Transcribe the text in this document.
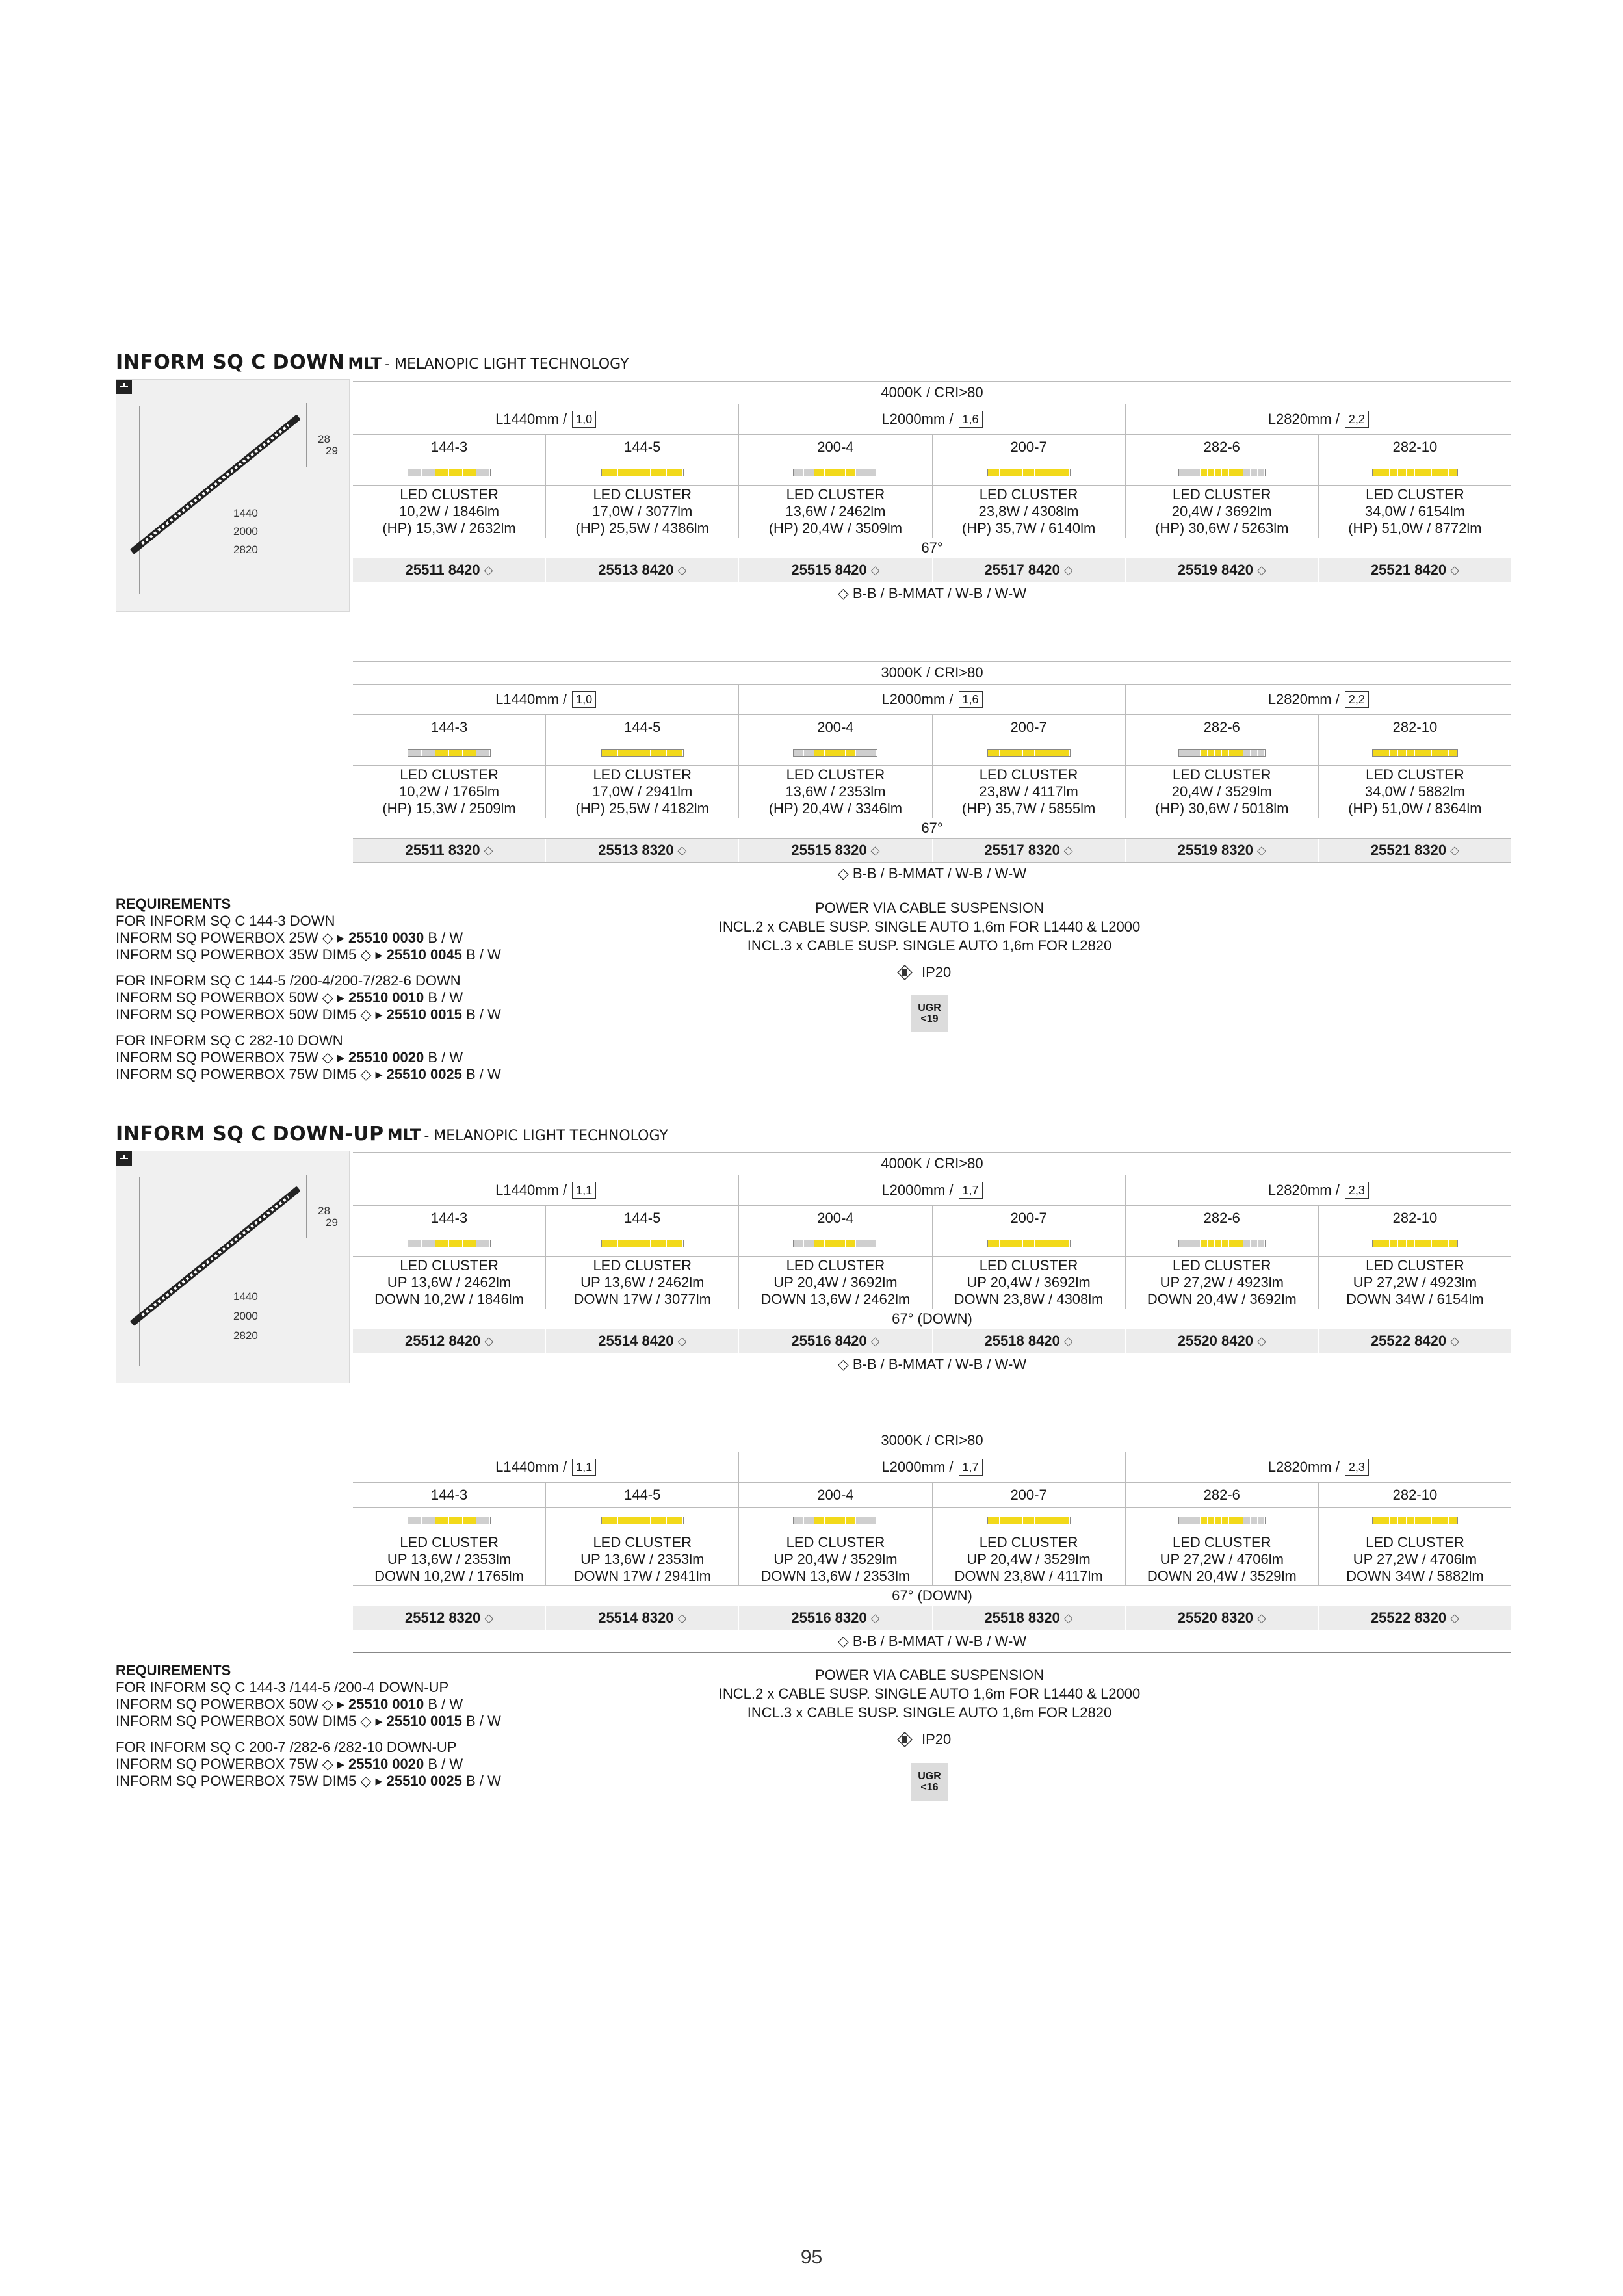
INFORM SQ C DOWN MLT - MELANOPIC LIGHT TECHNOLOGY
28
29
1440
2000
2820
4000K / CRI>80
L1440mm / 1,0	L2000mm / 1,6	L2820mm / 2,2
144-3	144-5	200-4	200-7	282-6	282-10
LED CLUSTER
10,2W / 1846lm
(HP) 15,3W / 2632lm
LED CLUSTER
17,0W / 3077lm
(HP) 25,5W / 4386lm
LED CLUSTER
13,6W / 2462lm
(HP) 20,4W / 3509lm
LED CLUSTER
23,8W / 4308lm
(HP) 35,7W / 6140lm
LED CLUSTER
20,4W / 3692lm
(HP) 30,6W / 5263lm
LED CLUSTER
34,0W / 6154lm
(HP) 51,0W / 8772lm
67°
25511 8420 ◇	25513 8420 ◇	25515 8420 ◇	25517 8420 ◇	25519 8420 ◇	25521 8420 ◇
◇ B-B / B-MMAT / W-B / W-W
3000K / CRI>80
L1440mm / 1,0	L2000mm / 1,6	L2820mm / 2,2
144-3	144-5	200-4	200-7	282-6	282-10
LED CLUSTER
10,2W / 1765lm
(HP) 15,3W / 2509lm
LED CLUSTER
17,0W / 2941lm
(HP) 25,5W / 4182lm
LED CLUSTER
13,6W / 2353lm
(HP) 20,4W / 3346lm
LED CLUSTER
23,8W / 4117lm
(HP) 35,7W / 5855lm
LED CLUSTER
20,4W / 3529lm
(HP) 30,6W / 5018lm
LED CLUSTER
34,0W / 5882lm
(HP) 51,0W / 8364lm
67°
25511 8320 ◇	25513 8320 ◇	25515 8320 ◇	25517 8320 ◇	25519 8320 ◇	25521 8320 ◇
◇ B-B / B-MMAT / W-B / W-W
REQUIREMENTS
FOR INFORM SQ C 144-3 DOWN
INFORM SQ POWERBOX 25W ◇ ▸ 25510 0030 B / W
INFORM SQ POWERBOX 35W DIM5 ◇ ▸ 25510 0045 B / W
FOR INFORM SQ C 144-5 /200-4/200-7/282-6 DOWN
INFORM SQ POWERBOX 50W ◇ ▸ 25510 0010 B / W
INFORM SQ POWERBOX 50W DIM5 ◇ ▸ 25510 0015 B / W
FOR INFORM SQ C 282-10 DOWN
INFORM SQ POWERBOX 75W ◇ ▸ 25510 0020 B / W
INFORM SQ POWERBOX 75W DIM5 ◇ ▸ 25510 0025 B / W
POWER VIA CABLE SUSPENSION
INCL.2 x CABLE SUSP. SINGLE AUTO 1,6m FOR L1440 & L2000
INCL.3 x CABLE SUSP. SINGLE AUTO 1,6m FOR L2820
IP20
UGR
<19
INFORM SQ C DOWN-UP MLT - MELANOPIC LIGHT TECHNOLOGY
28
29
1440
2000
2820
4000K / CRI>80
L1440mm / 1,1	L2000mm / 1,7	L2820mm / 2,3
144-3	144-5	200-4	200-7	282-6	282-10
LED CLUSTER
UP 13,6W / 2462lm
DOWN 10,2W / 1846lm
LED CLUSTER
UP 13,6W / 2462lm
DOWN 17W / 3077lm
LED CLUSTER
UP 20,4W / 3692lm
DOWN 13,6W / 2462lm
LED CLUSTER
UP 20,4W / 3692lm
DOWN 23,8W / 4308lm
LED CLUSTER
UP 27,2W / 4923lm
DOWN 20,4W / 3692lm
LED CLUSTER
UP 27,2W / 4923lm
DOWN 34W / 6154lm
67° (DOWN)
25512 8420 ◇	25514 8420 ◇	25516 8420 ◇	25518 8420 ◇	25520 8420 ◇	25522 8420 ◇
◇ B-B / B-MMAT / W-B / W-W
3000K / CRI>80
L1440mm / 1,1	L2000mm / 1,7	L2820mm / 2,3
144-3	144-5	200-4	200-7	282-6	282-10
LED CLUSTER
UP 13,6W / 2353lm
DOWN 10,2W / 1765lm
LED CLUSTER
UP 13,6W / 2353lm
DOWN 17W / 2941lm
LED CLUSTER
UP 20,4W / 3529lm
DOWN 13,6W / 2353lm
LED CLUSTER
UP 20,4W / 3529lm
DOWN 23,8W / 4117lm
LED CLUSTER
UP 27,2W / 4706lm
DOWN 20,4W / 3529lm
LED CLUSTER
UP 27,2W / 4706lm
DOWN 34W / 5882lm
67° (DOWN)
25512 8320 ◇	25514 8320 ◇	25516 8320 ◇	25518 8320 ◇	25520 8320 ◇	25522 8320 ◇
◇ B-B / B-MMAT / W-B / W-W
REQUIREMENTS
FOR INFORM SQ C 144-3 /144-5 /200-4 DOWN-UP
INFORM SQ POWERBOX 50W ◇ ▸ 25510 0010 B / W
INFORM SQ POWERBOX 50W DIM5 ◇ ▸ 25510 0015 B / W
FOR INFORM SQ C 200-7 /282-6 /282-10 DOWN-UP
INFORM SQ POWERBOX 75W ◇ ▸ 25510 0020 B / W
INFORM SQ POWERBOX 75W DIM5 ◇ ▸ 25510 0025 B / W
POWER VIA CABLE SUSPENSION
INCL.2 x CABLE SUSP. SINGLE AUTO 1,6m FOR L1440 & L2000
INCL.3 x CABLE SUSP. SINGLE AUTO 1,6m FOR L2820
IP20
UGR
<16
95
